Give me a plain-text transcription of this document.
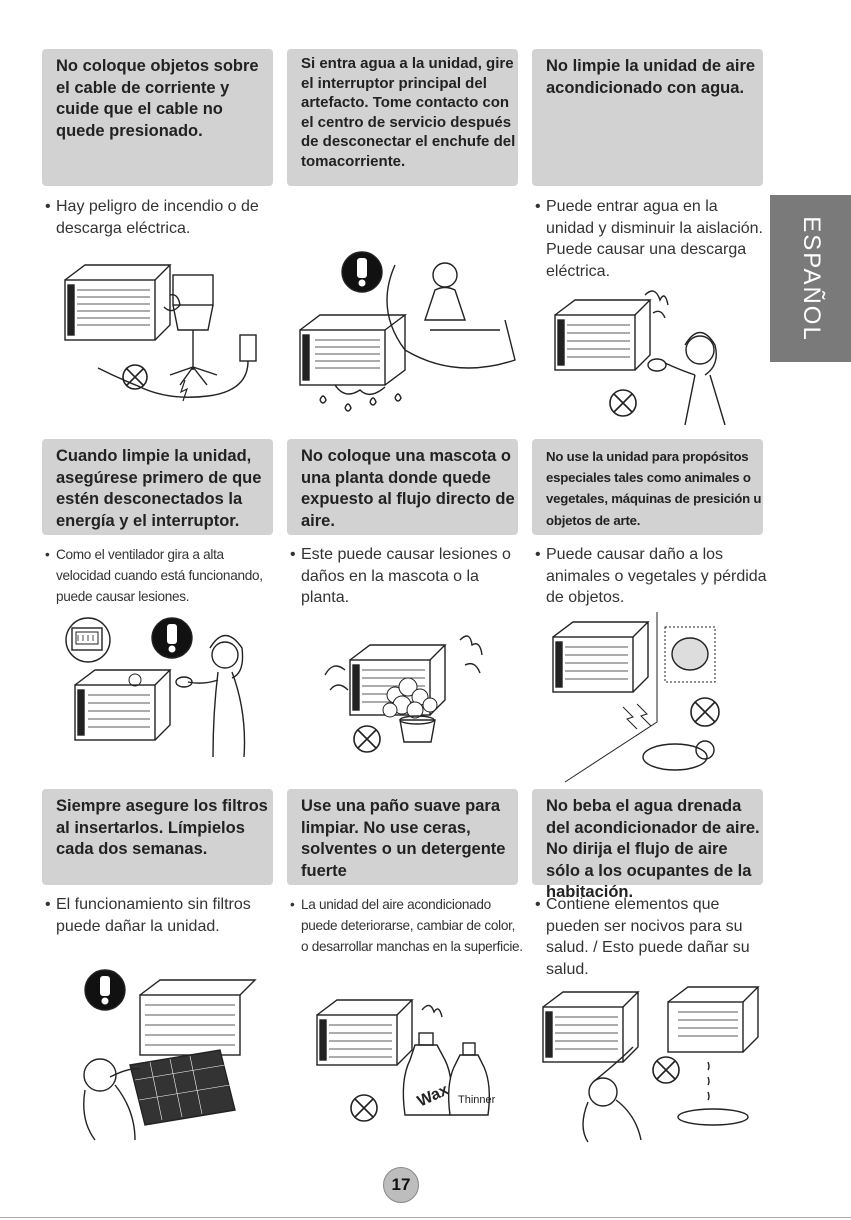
ESPAÑOL
No coloque objetos sobre el cable de corriente y cuide que el cable no quede presionado.
Si entra agua a la unidad, gire el interruptor principal del artefacto. Tome contacto con el centro de servicio después de desconectar el enchufe del tomacorriente.
No limpie la unidad de aire acondicionado con agua.
• Hay peligro de incendio o de descarga eléctrica.
• Puede entrar agua en la unidad y disminuir la aislación. Puede causar una descarga eléctrica.
Cuando limpie la unidad, asegúrese primero de que estén desconectados la energía y el interruptor.
No coloque una mascota o una planta donde quede expuesto al flujo directo de aire.
No use la unidad para propósitos especiales tales como animales o vegetales, máquinas de presición u objetos de arte.
• Como el ventilador gira a alta velocidad cuando está funcionando, puede causar lesiones.
• Este puede causar lesiones o daños en la mascota o la planta.
• Puede causar daño a los animales o vegetales y pérdida de objetos.
Siempre asegure los filtros al insertarlos. Límpielos cada dos semanas.
Use una paño suave para limpiar. No use ceras, solventes o un detergente fuerte
No beba el agua drenada del acondicionador de aire. No dirija el flujo de aire sólo a los ocupantes de la habitación.
• El funcionamiento sin filtros puede dañar la unidad.
• La unidad del aire acondicionado puede deteriorarse, cambiar de color, o desarrollar manchas en la superficie.
• Contiene elementos que pueden ser nocivos para su salud. / Esto puede dañar su salud.
Wax Thinner
17
